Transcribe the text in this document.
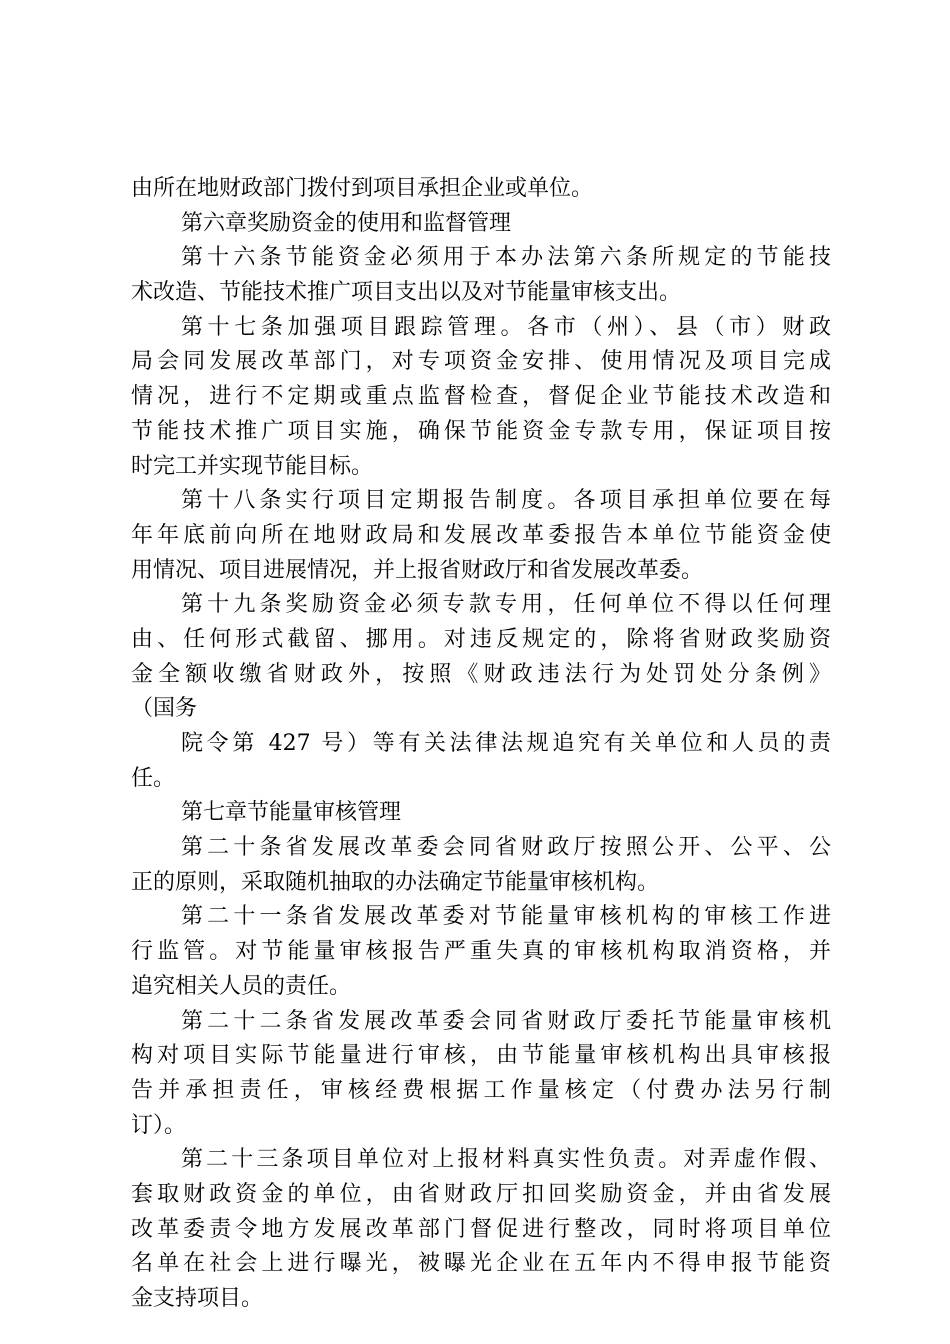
由所在地财政部门拨付到项目承担企业或单位。
第六章奖励资金的使用和监督管理
第十六条节能资金必须用于本办法第六条所规定的节能技
术改造、节能技术推广项目支出以及对节能量审核支出。
第十七条加强项目跟踪管理。各市（州）、县（市）财政
局会同发展改革部门，对专项资金安排、使用情况及项目完成
情况，进行不定期或重点监督检查，督促企业节能技术改造和
节能技术推广项目实施，确保节能资金专款专用，保证项目按
时完工并实现节能目标。
第十八条实行项目定期报告制度。各项目承担单位要在每
年年底前向所在地财政局和发展改革委报告本单位节能资金使
用情况、项目进展情况，并上报省财政厅和省发展改革委。
第十九条奖励资金必须专款专用，任何单位不得以任何理
由、任何形式截留、挪用。对违反规定的，除将省财政奖励资
金全额收缴省财政外，按照《财政违法行为处罚处分条例》
（国务
院令第 427 号）等有关法律法规追究有关单位和人员的责
任。
第七章节能量审核管理
第二十条省发展改革委会同省财政厅按照公开、公平、公
正的原则，采取随机抽取的办法确定节能量审核机构。
第二十一条省发展改革委对节能量审核机构的审核工作进
行监管。对节能量审核报告严重失真的审核机构取消资格，并
追究相关人员的责任。
第二十二条省发展改革委会同省财政厅委托节能量审核机
构对项目实际节能量进行审核，由节能量审核机构出具审核报
告并承担责任，审核经费根据工作量核定（付费办法另行制
订）。
第二十三条项目单位对上报材料真实性负责。对弄虚作假、
套取财政资金的单位，由省财政厅扣回奖励资金，并由省发展
改革委责令地方发展改革部门督促进行整改，同时将项目单位
名单在社会上进行曝光，被曝光企业在五年内不得申报节能资
金支持项目。
